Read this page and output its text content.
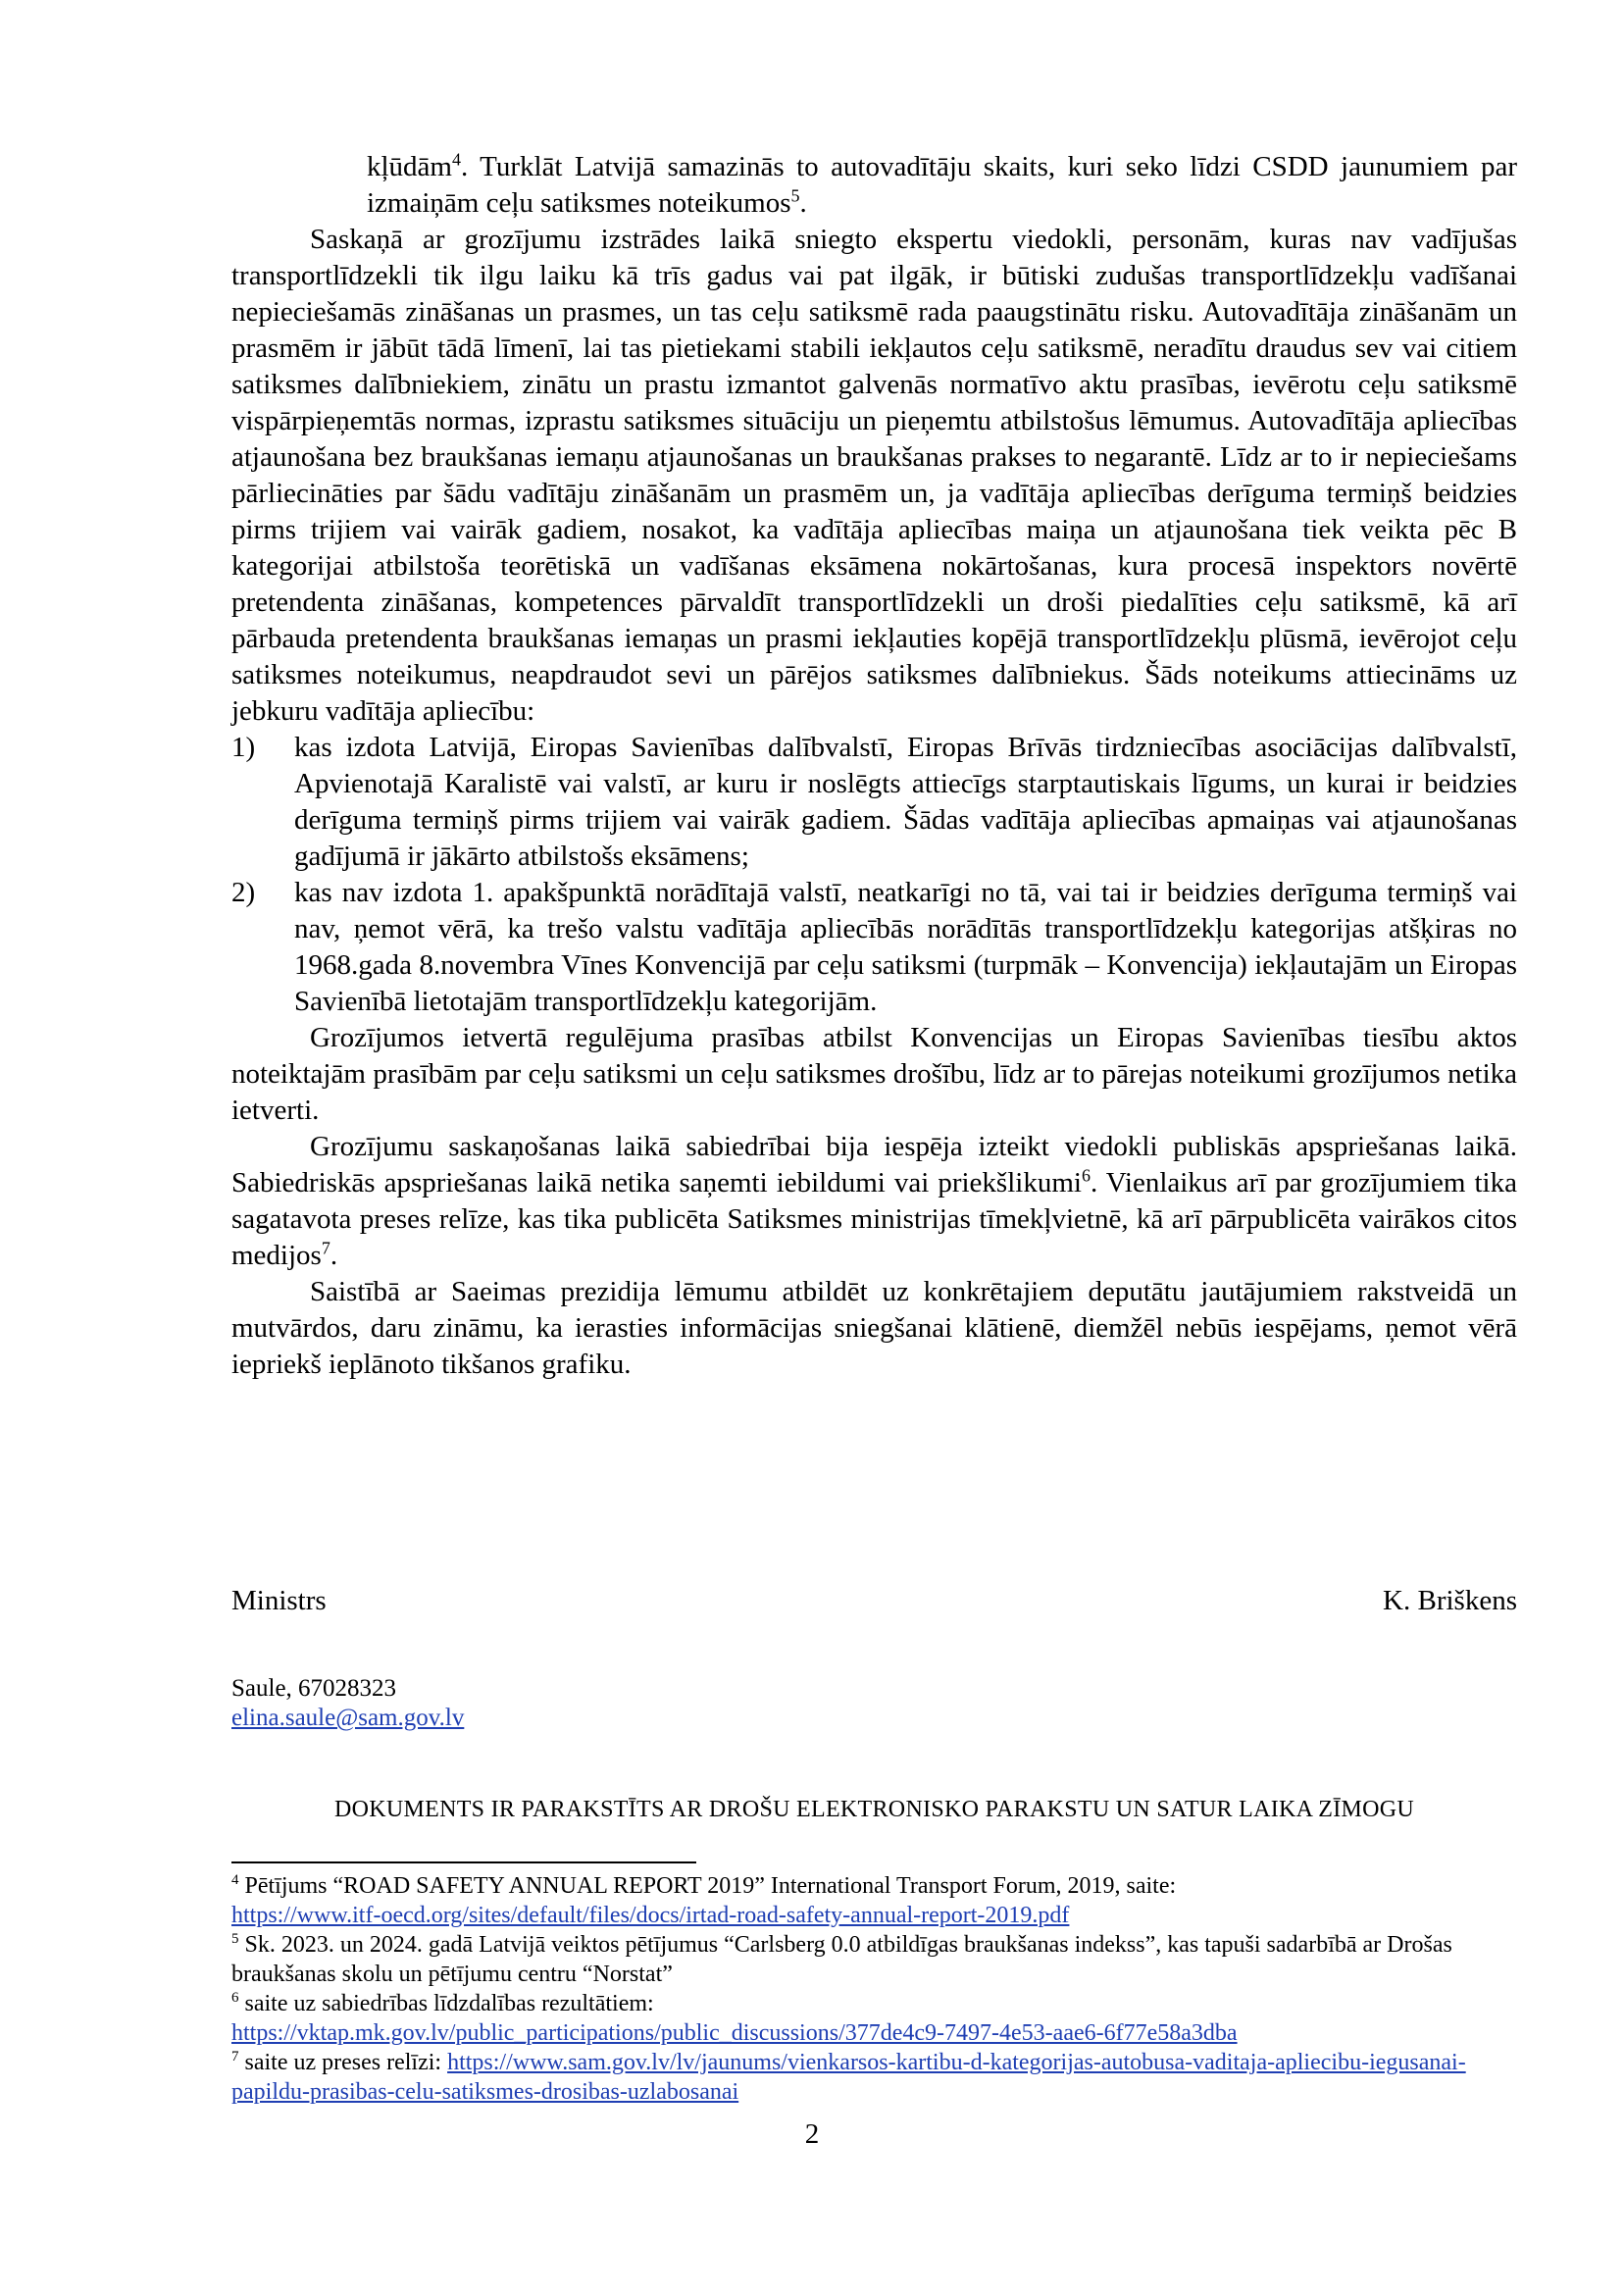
kļūdām$^4$. Turklāt Latvijā samazinās to autovadītāju skaits, kuri seko līdzi CSDD jaunumiem par izmaiņām ceļu satiksmes noteikumos$^5$.

Saskaņā ar grozījumu izstrādes laikā sniegto ekspertu viedokli, personām, kuras nav vadījušas transportlīdzekli tik ilgu laiku kā trīs gadus vai pat ilgāk, ir būtiski zudušas transportlīdzekļu vadīšanai nepieciešamās zināšanas un prasmes, un tas ceļu satiksmē rada paaugstinātu risku. Autovadītāja zināšanām un prasmēm ir jābūt tādā līmenī, lai tas pietiekami stabili iekļautos ceļu satiksmē, neradītu draudus sev vai citiem satiksmes dalībniekiem, zinātu un prastu izmantot galvenās normatīvo aktu prasības, ievērotu ceļu satiksmē vispārpieņemtās normas, izprastu satiksmes situāciju un pieņemtu atbilstošus lēmumus. Autovadītāja apliecības atjaunošana bez braukšanas iemaņu atjaunošanas un braukšanas prakses to negarantē. Līdz ar to ir nepieciešams pārliecināties par šādu vadītāju zināšanām un prasmēm un, ja vadītāja apliecības derīguma termiņš beidzies pirms trijiem vai vairāk gadiem, nosakot, ka vadītāja apliecības maiņa un atjaunošana tiek veikta pēc B kategorijai atbilstoša teorētiskā un vadīšanas eksāmena nokārtošanas, kura procesā inspektors novērtē pretendenta zināšanas, kompetences pārvaldīt transportlīdzekli un droši piedalīties ceļu satiksmē, kā arī pārbauda pretendenta braukšanas iemaņas un prasmi iekļauties kopējā transportlīdzekļu plūsmā, ievērojot ceļu satiksmes noteikumus, neapdraudot sevi un pārējos satiksmes dalībniekus. Šāds noteikums attiecināms uz jebkuru vadītāja apliecību:

1) kas izdota Latvijā, Eiropas Savienības dalībvalstī, Eiropas Brīvās tirdzniecības asociācijas dalībvalstī, Apvienotajā Karalistē vai valstī, ar kuru ir noslēgts attiecīgs starptautiskais līgums, un kurai ir beidzies derīguma termiņš pirms trijiem vai vairāk gadiem. Šādas vadītāja apliecības apmaiņas vai atjaunošanas gadījumā ir jākārto atbilstošs eksāmens;

2) kas nav izdota 1. apakšpunktā norādītajā valstī, neatkarīgi no tā, vai tai ir beidzies derīguma termiņš vai nav, ņemot vērā, ka trešo valstu vadītāja apliecībās norādītās transportlīdzekļu kategorijas atšķiras no 1968.gada 8.novembra Vīnes Konvencijā par ceļu satiksmi (turpmāk – Konvencija) iekļautajām un Eiropas Savienībā lietotajām transportlīdzekļu kategorijām.

Grozījumos ietvertā regulējuma prasības atbilst Konvencijas un Eiropas Savienības tiesību aktos noteiktajām prasībām par ceļu satiksmi un ceļu satiksmes drošību, līdz ar to pārejas noteikumi grozījumos netika ietverti.

Grozījumu saskaņošanas laikā sabiedrībai bija iespēja izteikt viedokli publiskās apspriešanas laikā. Sabiedriskās apspriešanas laikā netika saņemti iebildumi vai priekšlikumi$^6$. Vienlaikus arī par grozījumiem tika sagatavota preses relīze, kas tika publicēta Satiksmes ministrijas tīmekļvietnē, kā arī pārpublicēta vairākos citos medijos$^7$.

Saistībā ar Saeimas prezidija lēmumu atbildēt uz konkrētajiem deputātu jautājumiem rakstveidā un mutvārdos, daru zināmu, ka ierasties informācijas sniegšanai klātienē, diemžēl nebūs iespējams, ņemot vērā iepriekš ieplānoto tikšanos grafiku.

Ministrs	K. Briškens
Saule, 67028323
elina.saule@sam.gov.lv
DOKUMENTS IR PARAKSTĪTS AR DROŠU ELEKTRONISKO PARAKSTU UN SATUR LAIKA ZĪMOGU

$^4$ Pētījums “ROAD SAFETY ANNUAL REPORT 2019” International Transport Forum, 2019, saite:
https://www.itf-oecd.org/sites/default/files/docs/irtad-road-safety-annual-report-2019.pdf

$^5$ Sk. 2023. un 2024. gadā Latvijā veiktos pētījumus “Carlsberg 0.0 atbildīgas braukšanas indekss”, kas tapuši sadarbībā ar Drošas braukšanas skolu un pētījumu centru “Norstat”

$^6$ saite uz sabiedrības līdzdalības rezultātiem:
https://vktap.mk.gov.lv/public_participations/public_discussions/377de4c9-7497-4e53-aae6-6f77e58a3dba

$^7$ saite uz preses relīzi: https://www.sam.gov.lv/lv/jaunums/vienkarsos-kartibu-d-kategorijas-autobusa-vaditaja-apliecibu-iegusanai-papildu-prasibas-celu-satiksmes-drosibas-uzlabosanai

2
